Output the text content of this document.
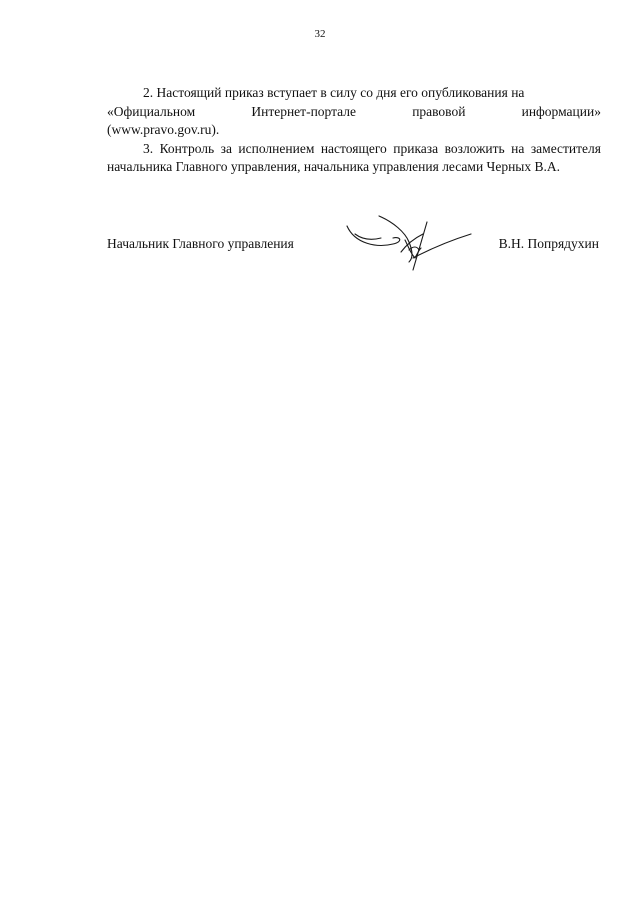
32

2. Настоящий приказ вступает в силу со дня его опубликования на

«Официальном	Интернет-портале	правовой	информации»
(www.pravo.gov.ru).

3. Контроль за исполнением настоящего приказа возложить на заместителя начальника Главного управления, начальника управления лесами Черных В.А.

Начальник Главного управления	В.Н. Попрядухин
